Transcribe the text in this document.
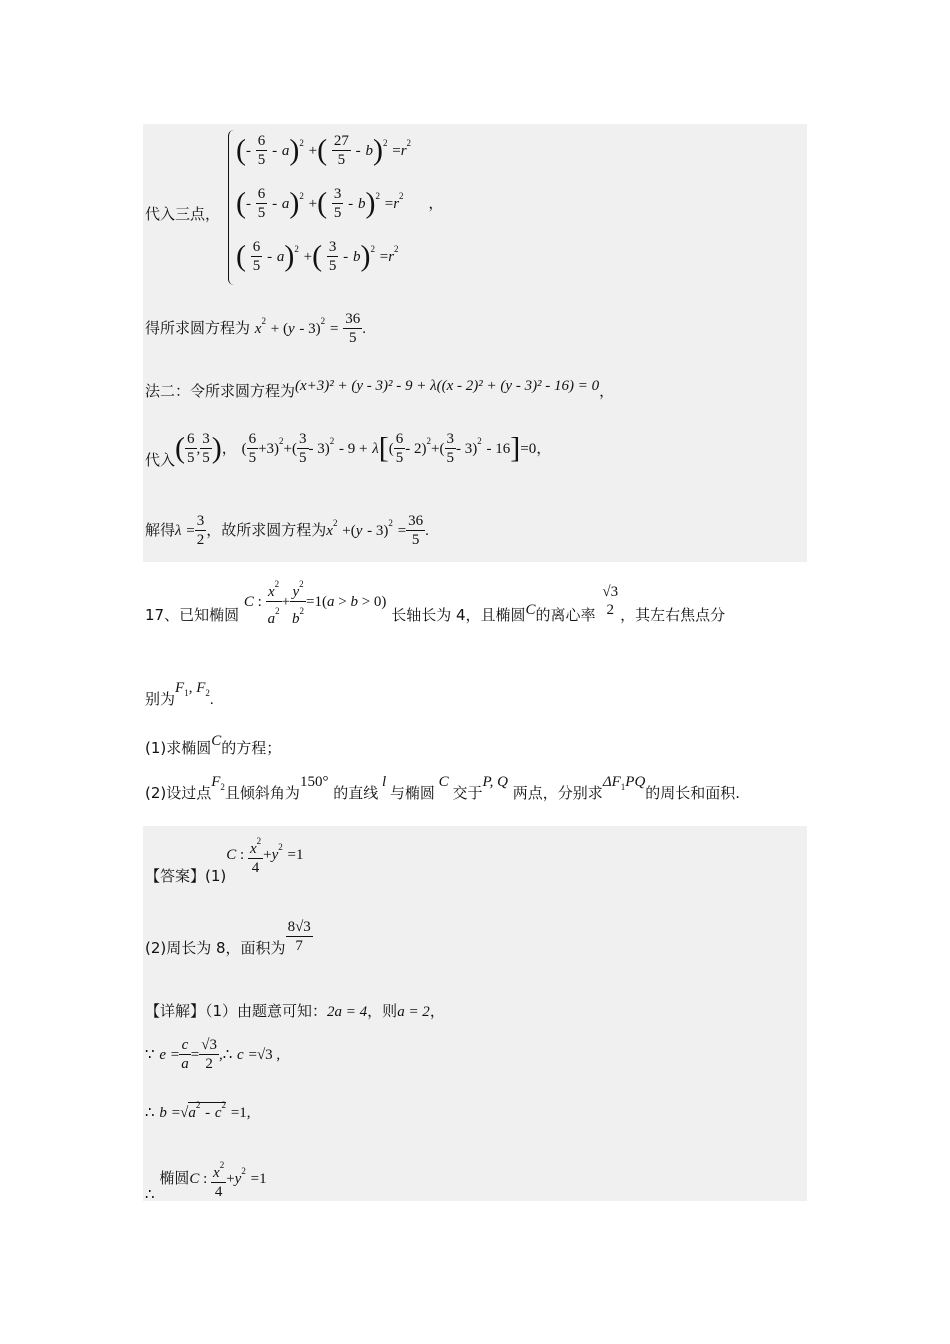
代入三点，
(- $\frac{6}{5} - a)^2$ +( $\frac{27}{5} - b)^2 =r^2$
(- $\frac{6}{5} - a)^2$ +( $\frac{3}{5} - b)^2 =r^2$ ，
( $\frac{6}{5} - a)^2$ +( $\frac{3}{5} - b)^2 =r^2$
得所求圆方程为 $x^2 + (y - 3)^2 = \frac{36}{5}$ .
法二：令所求圆方程为(x+3)² + (y - 3)² - 9 + λ((x - 2)² + (y - 3)² - 16) = 0，
代入( $\frac{6}{5}$ , $\frac{3}{5}$ )， ( $\frac{6}{5} +3)^2+( \frac{3}{5} - 3)^2 - 9 + \lambda[( \frac{6}{5} - 2)^2+( \frac{3}{5} - 3)^2 - 16]=0$，
解得$\lambda = \frac{3}{2}$ ，故所求圆方程为$x^2 +(y - 3)^2 = \frac{36}{5}$ .
17、已知椭圆 C : $\frac{x^2}{a^2} + \frac{y^2}{b^2} =1(a > b > 0)$ 长轴长为 4，且椭圆C的离心率
√3
2 ，其左右焦点分
别为$F_1$, $F_2$.
(1)求椭圆C的方程；
(2)设过点$F_2$且倾斜角为150° 的直线 l 与椭圆 C 交于P, Q 两点，分别求$\Delta F_1PQ$的周长和面积.
【答案】(1)C : $\frac{x^2}{4} +y^2 =1$
(2)周长为 8，面积为 $\frac{8√3}{7}$
【详解】（1）由题意可知：2a = 4，则a = 2，
∵ $e = \frac{c}{a} = \frac{√3}{2}$ ,∴ c =√3 ,
∴ $b =√a^2 - c^2 =1$,
∴ 椭圆C : $\frac{x^2}{4} +y^2 =1$
